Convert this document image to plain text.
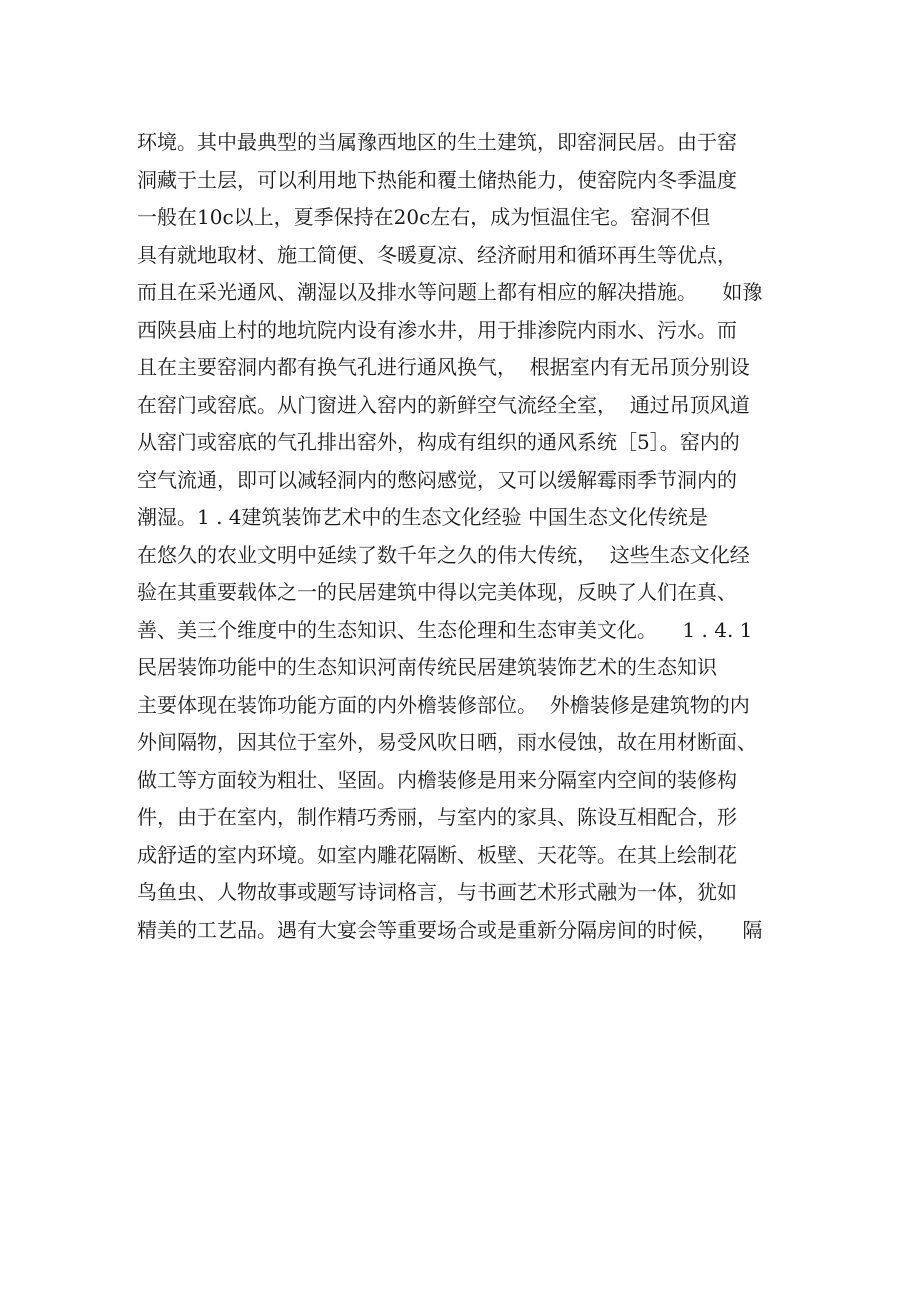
环境。其中最典型的当属豫西地区的生土建筑，即窑洞民居。由于窑
洞藏于土层，可以利用地下热能和覆土储热能力，使窑院内冬季温度
一般在10c以上，夏季保持在20c左右，成为恒温住宅。窑洞不但
具有就地取材、施工简便、冬暖夏凉、经济耐用和循环再生等优点，
而且在采光通风、潮湿以及排水等问题上都有相应的解决措施。    如豫
西陕县庙上村的地坑院内设有渗水井，用于排渗院内雨水、污水。而
且在主要窑洞内都有换气孔进行通风换气，  根据室内有无吊顶分别设
在窑门或窑底。从门窗进入窑内的新鲜空气流经全室，  通过吊顶风道
从窑门或窑底的气孔排出窑外，构成有组织的通风系统［5］。窑内的
空气流通，即可以减轻洞内的憋闷感觉，又可以缓解霉雨季节洞内的
潮湿。1 . 4建筑装饰艺术中的生态文化经验 中国生态文化传统是
在悠久的农业文明中延续了数千年之久的伟大传统，  这些生态文化经
验在其重要载体之一的民居建筑中得以完美体现，反映了人们在真、
善、美三个维度中的生态知识、生态伦理和生态审美文化。    1 . 4. 1
民居装饰功能中的生态知识河南传统民居建筑装饰艺术的生态知识
主要体现在装饰功能方面的内外檐装修部位。  外檐装修是建筑物的内
外间隔物，因其位于室外，易受风吹日晒，雨水侵蚀，故在用材断面、
做工等方面较为粗壮、坚固。内檐装修是用来分隔室内空间的装修构
件，由于在室内，制作精巧秀丽，与室内的家具、陈设互相配合，形
成舒适的室内环境。如室内雕花隔断、板壁、天花等。在其上绘制花
鸟鱼虫、人物故事或题写诗词格言，与书画艺术形式融为一体，犹如
精美的工艺品。遇有大宴会等重要场合或是重新分隔房间的时候，    隔
